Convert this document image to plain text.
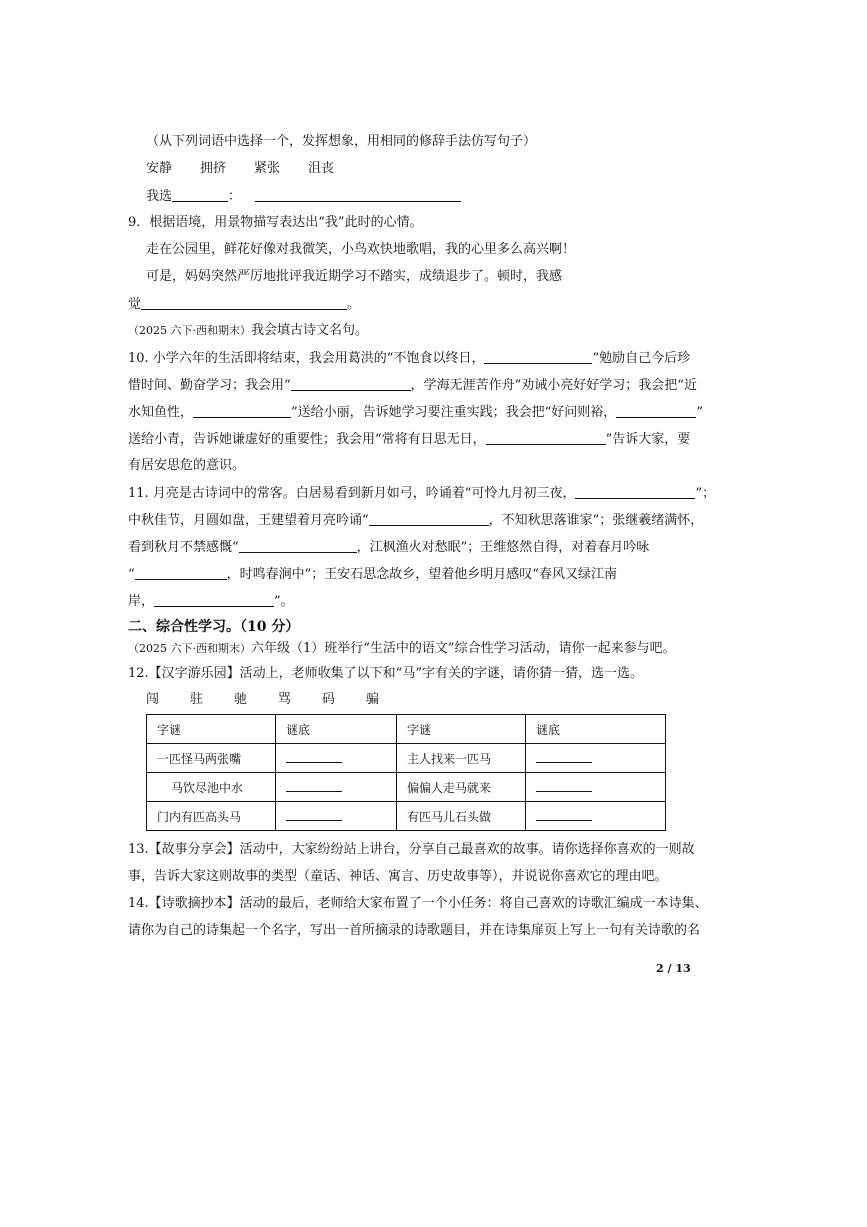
（从下列词语中选择一个，发挥想象，用相同的修辞手法仿写句子）
安静 拥挤 紧张 沮丧
我选	：
9．根据语境，用景物描写表达出“我”此时的心情。
走在公园里，鲜花好像对我微笑，小鸟欢快地歌唱，我的心里多么高兴啊！
可是，妈妈突然严厉地批评我近期学习不踏实，成绩退步了。顿时，我感
觉	。
（2025 六下·西和期末）我会填古诗文名句。
10. 小学六年的生活即将结束，我会用葛洪的“不饱食以终日，	”勉励自己今后珍
惜时间、勤奋学习；我会用“	，学海无涯苦作舟”劝诫小亮好好学习；我会把“近
水知鱼性，	”送给小丽，告诉她学习要注重实践；我会把“好问则裕，	”
送给小青，告诉她谦虚好的重要性；我会用“常将有日思无日，	”告诉大家，要
有居安思危的意识。
11. 月亮是古诗词中的常客。白居易看到新月如弓，吟诵着“可怜九月初三夜，	”；
中秋佳节，月圆如盘，王建望着月亮吟诵“	，不知秋思落谁家”；张继羲绪满怀，
看到秋月不禁感慨“	，江枫渔火对愁眠”；王维悠然自得，对着春月吟咏
“	，时鸣春涧中”；王安石思念故乡，望着他乡明月感叹“春风又绿江南
岸，	”。
二、综合性学习。（10 分）
（2025 六下·西和期末）六年级（1）班举行“生活中的语文”综合性学习活动，请你一起来参与吧。
12.【汉字游乐园】活动上，老师收集了以下和“马”字有关的字谜，请你猜一猜，选一选。
闯 驻 驰 骂 码 骗
字谜	谜底	字谜	谜底
一匹怪马两张嘴		主人找来一匹马	
马饮尽池中水		偏偏人走马就来	
门内有匹高头马		有匹马儿石头做	
13.【故事分享会】活动中，大家纷纷站上讲台，分享自己最喜欢的故事。请你选择你喜欢的一则故
事，告诉大家这则故事的类型（童话、神话、寓言、历史故事等），并说说你喜欢它的理由吧。
14.【诗歌摘抄本】活动的最后，老师给大家布置了一个小任务：将自己喜欢的诗歌汇编成一本诗集、
请你为自己的诗集起一个名字，写出一首所摘录的诗歌题目，并在诗集扉页上写上一句有关诗歌的名
2 / 13
